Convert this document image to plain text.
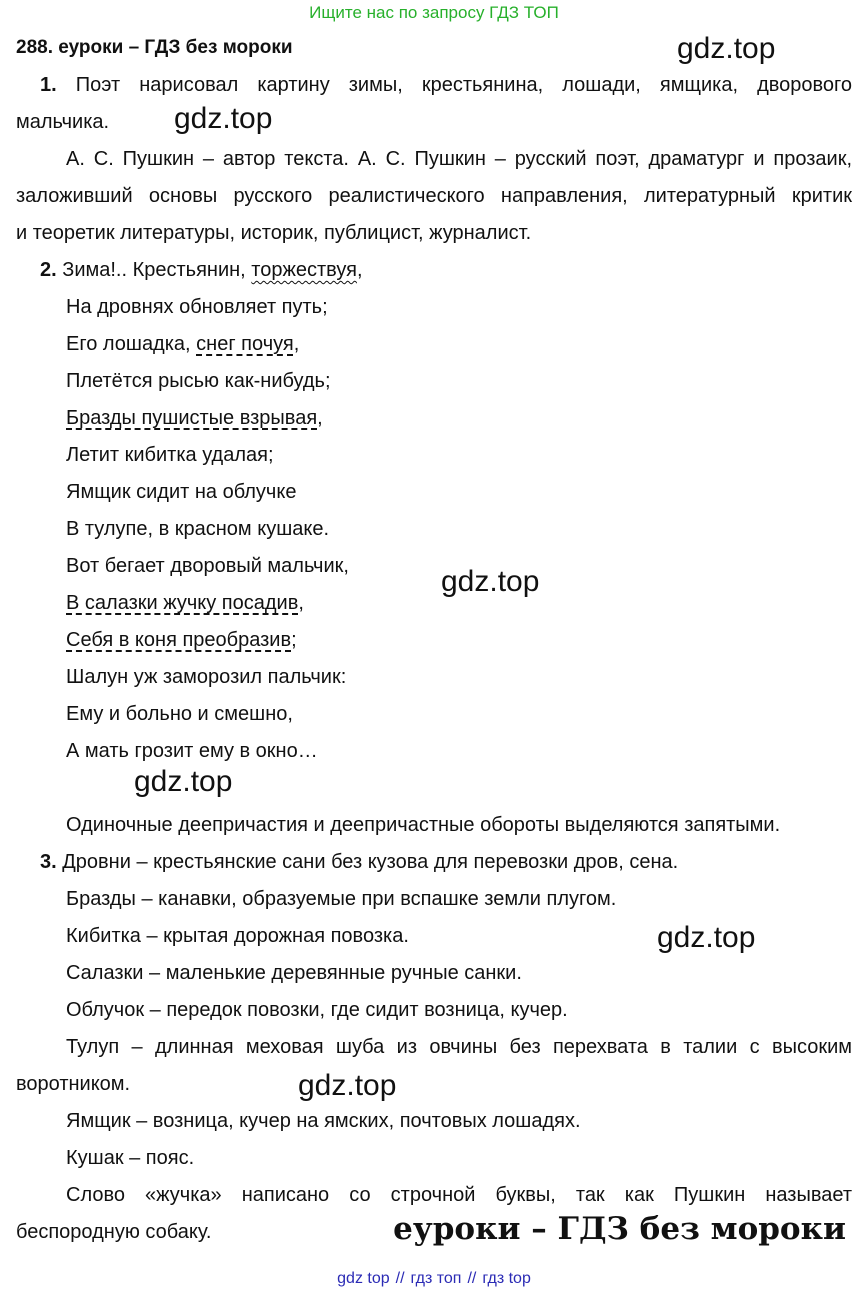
Ищите нас по запросу ГДЗ ТОП
288. еуроки – ГДЗ без мороки	gdz.top
gdz.top
gdz.top
gdz.top
gdz.top
gdz.top
1. Поэт нарисовал картину зимы, крестьянина, лошади, ямщика, дворового
мальчика.
А. С. Пушкин – автор текста. А. С. Пушкин – русский поэт, драматург и прозаик,
заложивший основы русского реалистического направления, литературный критик
и теоретик литературы, историк, публицист, журналист.
2. Зима!.. Крестьянин, торжествуя,
На дровнях обновляет путь;
Его лошадка, снег почуя,
Плетётся рысью как-нибудь;
Бразды пушистые взрывая,
Летит кибитка удалая;
Ямщик сидит на облучке
В тулупе, в красном кушаке.
Вот бегает дворовый мальчик,
В салазки жучку посадив,
Себя в коня преобразив;
Шалун уж заморозил пальчик:
Ему и больно и смешно,
А мать грозит ему в окно…
Одиночные деепричастия и деепричастные обороты выделяются запятыми.
3. Дровни – крестьянские сани без кузова для перевозки дров, сена.
Бразды – канавки, образуемые при вспашке земли плугом.
Кибитка – крытая дорожная повозка.
Салазки – маленькие деревянные ручные санки.
Облучок – передок повозки, где сидит возница, кучер.
Тулуп – длинная меховая шуба из овчины без перехвата в талии с высоким
воротником.
Ямщик – возница, кучер на ямских, почтовых лошадях.
Кушак – пояс.
Слово «жучка» написано со строчной буквы, так как Пушкин называет
беспородную собаку.	еуроки – ГДЗ без мороки
gdz top // гдз топ // гдз top
